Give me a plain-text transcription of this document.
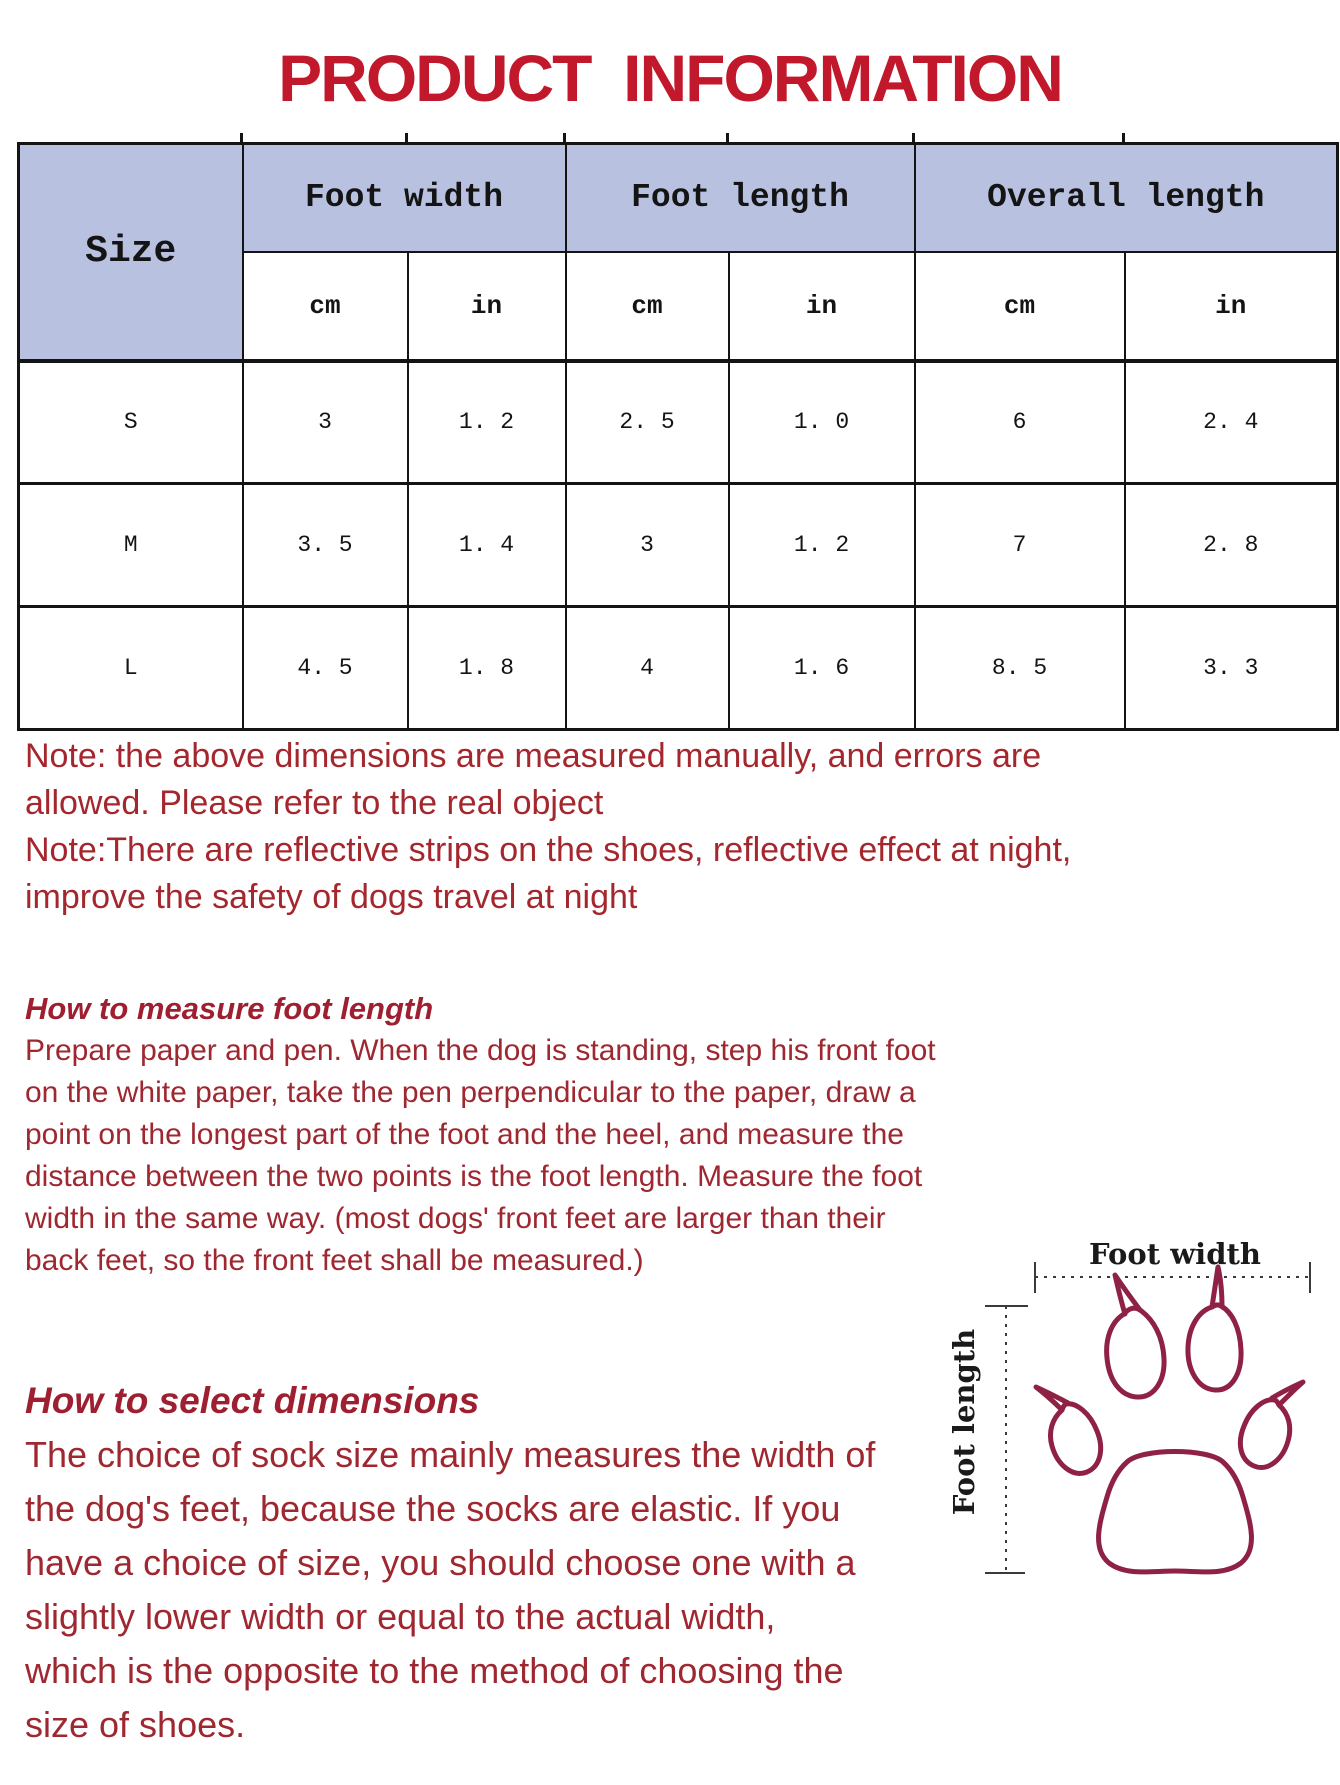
PRODUCT  INFORMATION
Size	Foot width		Foot length		Overall length	
	cm	in	cm	in	cm	in
S	3	1. 2	2. 5	1. 0	6	2. 4
M	3. 5	1. 4	3	1. 2	7	2. 8
L	4. 5	1. 8	4	1. 6	8. 5	3. 3
Note: the above dimensions are measured manually, and errors are
allowed. Please refer to the real object
Note:There are reflective strips on the shoes, reflective effect at night,
improve the safety of dogs travel at night
How to measure foot length
Prepare paper and pen. When the dog is standing, step his front foot
on the white paper, take the pen perpendicular to the paper, draw a
point on the longest part of the foot and the heel, and measure the
distance between the two points is the foot length. Measure the foot
width in the same way. (most dogs' front feet are larger than their
back feet, so the front feet shall be measured.)
How to select dimensions
The choice of sock size mainly measures the width of
the dog's feet, because the socks are elastic. If you
have a choice of size, you should choose one with a
slightly lower width or equal to the actual width,
which is the opposite to the method of choosing the
size of shoes.
Foot width
Foot length
